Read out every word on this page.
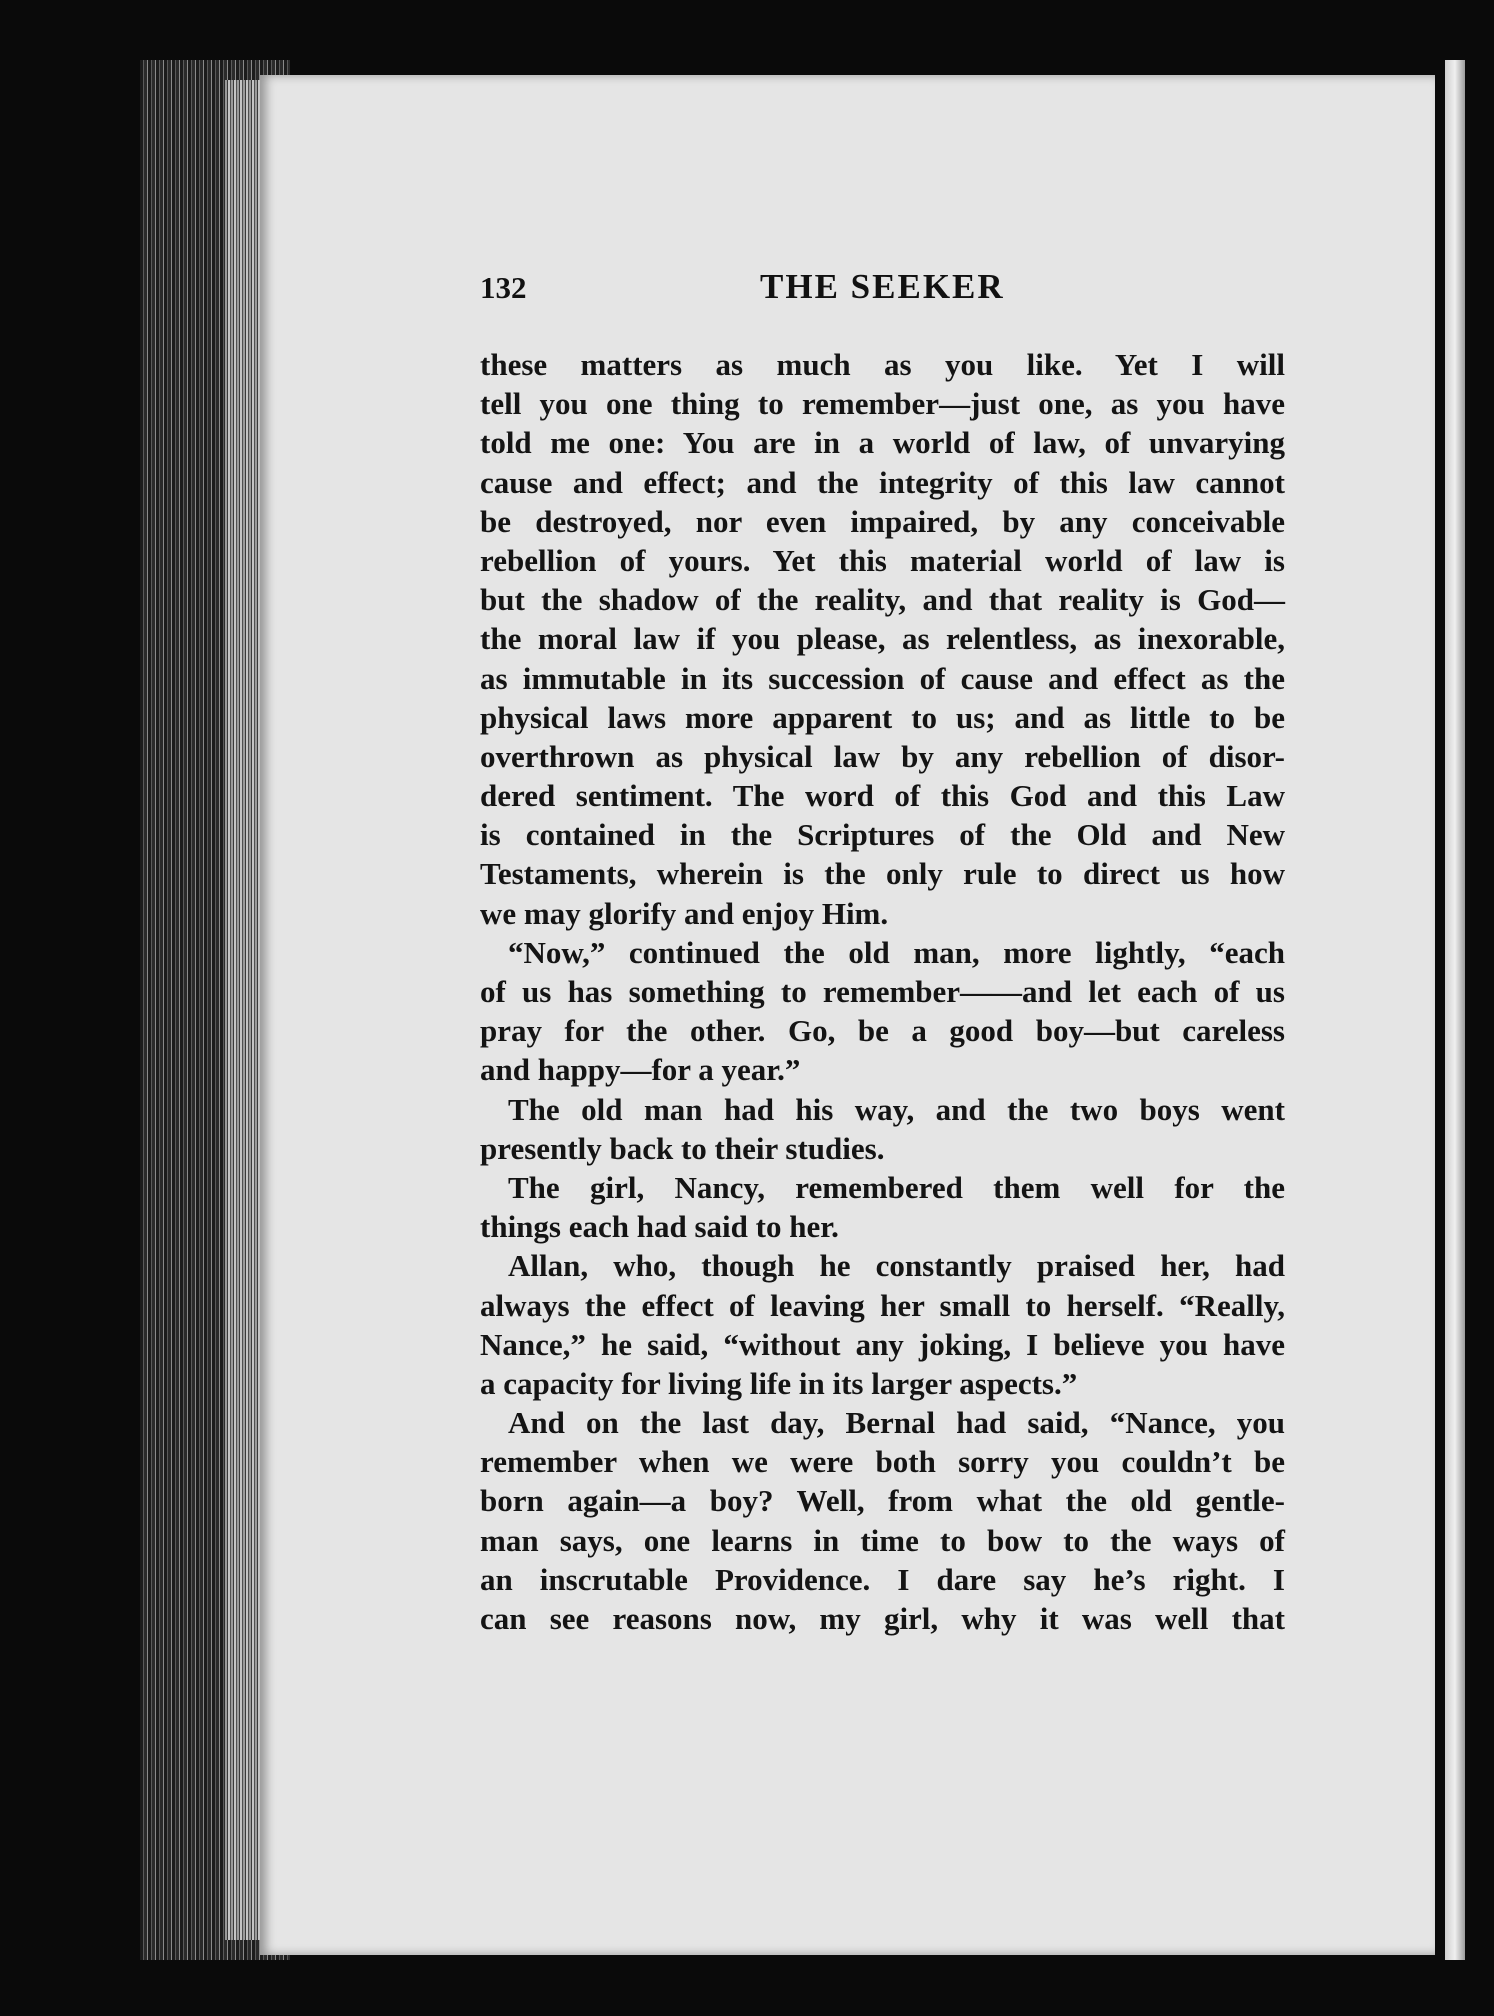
132	THE SEEKER
these matters as much as you like. Yet I will
tell you one thing to remember—just one, as you have
told me one: You are in a world of law, of unvarying
cause and effect; and the integrity of this law cannot
be destroyed, nor even impaired, by any conceivable
rebellion of yours. Yet this material world of law is
but the shadow of the reality, and that reality is God—
the moral law if you please, as relentless, as inexorable,
as immutable in its succession of cause and effect as the
physical laws more apparent to us; and as little to be
overthrown as physical law by any rebellion of disor-
dered sentiment. The word of this God and this Law
is contained in the Scriptures of the Old and New
Testaments, wherein is the only rule to direct us how
we may glorify and enjoy Him.
“Now,” continued the old man, more lightly, “each
of us has something to remember——and let each of us
pray for the other. Go, be a good boy—but careless
and happy—for a year.”
The old man had his way, and the two boys went
presently back to their studies.
The girl, Nancy, remembered them well for the
things each had said to her.
Allan, who, though he constantly praised her, had
always the effect of leaving her small to herself. “Really,
Nance,” he said, “without any joking, I believe you have
a capacity for living life in its larger aspects.”
And on the last day, Bernal had said, “Nance, you
remember when we were both sorry you couldn’t be
born again—a boy? Well, from what the old gentle-
man says, one learns in time to bow to the ways of
an inscrutable Providence. I dare say he’s right. I
can see reasons now, my girl, why it was well that
